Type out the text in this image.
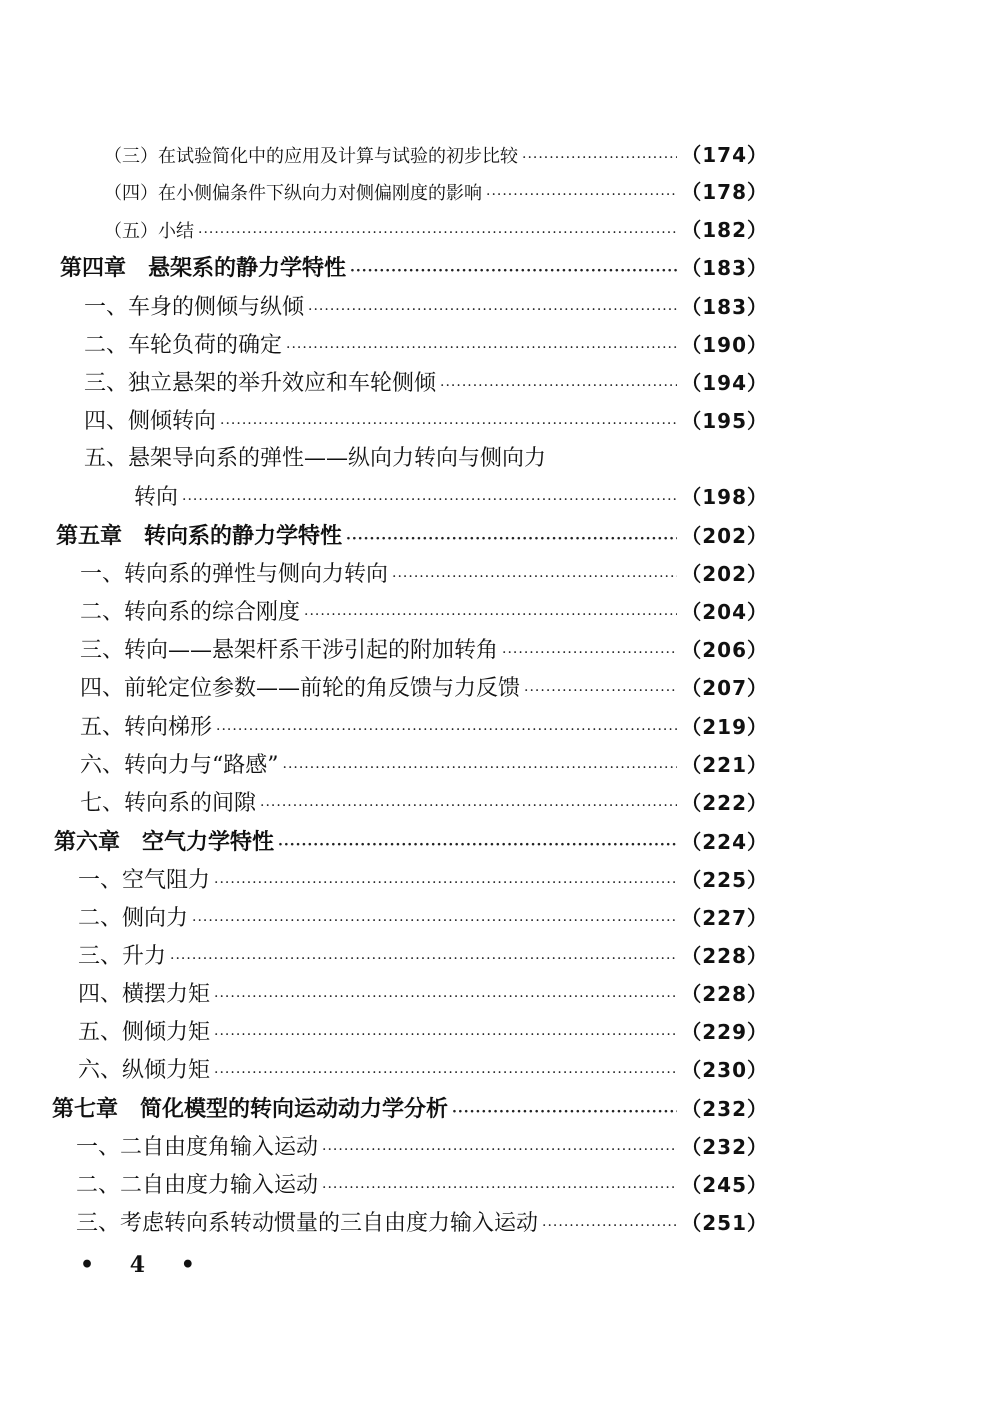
（三）在试验简化中的应用及计算与试验的初步比较 ·····	（174）
（四）在小侧偏条件下纵向力对侧偏刚度的影响 ·····	（178）
（五）小结 ·····	（182）
第四章　悬架系的静力学特性 ·····	（183）
一、车身的侧倾与纵倾 ·····	（183）
二、车轮负荷的确定 ·····	（190）
三、独立悬架的举升效应和车轮侧倾 ·····	（194）
四、侧倾转向 ·····	（195）
五、悬架导向系的弹性——纵向力转向与侧向力
转向 ·····	（198）
第五章　转向系的静力学特性 ·····	（202）
一、转向系的弹性与侧向力转向 ·····	（202）
二、转向系的综合刚度 ·····	（204）
三、转向——悬架杆系干涉引起的附加转角 ·····	（206）
四、前轮定位参数——前轮的角反馈与力反馈 ·····	（207）
五、转向梯形 ·····	（219）
六、转向力与“路感” ·····	（221）
七、转向系的间隙 ·····	（222）
第六章　空气力学特性 ·····	（224）
一、空气阻力 ·····	（225）
二、侧向力 ·····	（227）
三、升力 ·····	（228）
四、横摆力矩 ·····	（228）
五、侧倾力矩 ·····	（229）
六、纵倾力矩 ·····	（230）
第七章　简化模型的转向运动动力学分析 ·····	（232）
一、二自由度角输入运动 ·····	（232）
二、二自由度力输入运动 ·····	（245）
三、考虑转向系转动惯量的三自由度力输入运动 ·····	（251）
• 4 •
